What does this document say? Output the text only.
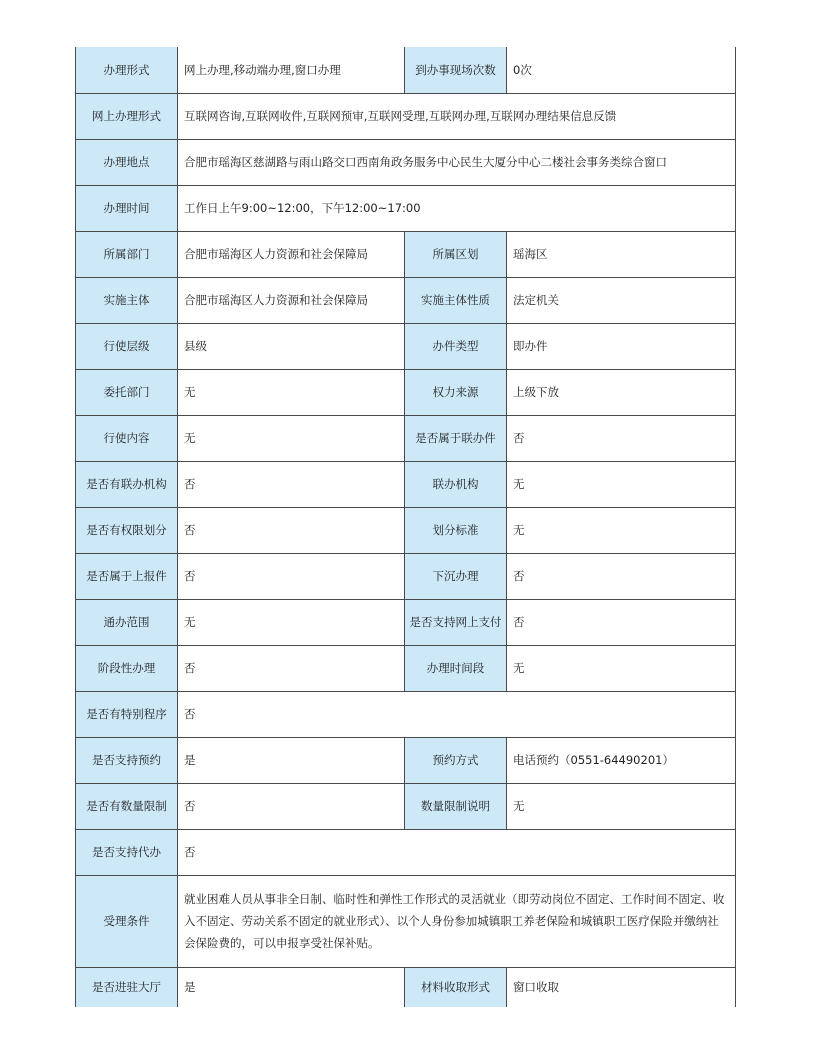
办理形式	网上办理,移动端办理,窗口办理	到办事现场次数	0次
网上办理形式	互联网咨询,互联网收件,互联网预审,互联网受理,互联网办理,互联网办理结果信息反馈		
办理地点	合肥市瑶海区慈湖路与雨山路交口西南角政务服务中心民生大厦分中心二楼社会事务类综合窗口		
办理时间	工作日上午9:00~12:00，下午12:00~17:00		
所属部门	合肥市瑶海区人力资源和社会保障局	所属区划	瑶海区
实施主体	合肥市瑶海区人力资源和社会保障局	实施主体性质	法定机关
行使层级	县级	办件类型	即办件
委托部门	无	权力来源	上级下放
行使内容	无	是否属于联办件	否
是否有联办机构	否	联办机构	无
是否有权限划分	否	划分标准	无
是否属于上报件	否	下沉办理	否
通办范围	无	是否支持网上支付	否
阶段性办理	否	办理时间段	无
是否有特别程序	否		
是否支持预约	是	预约方式	电话预约（0551-64490201）
是否有数量限制	否	数量限制说明	无
是否支持代办	否		
受理条件	就业困难人员从事非全日制、临时性和弹性工作形式的灵活就业（即劳动岗位不固定、工作时间不固定、收入不固定、劳动关系不固定的就业形式）、以个人身份参加城镇职工养老保险和城镇职工医疗保险并缴纳社会保险费的，可以申报享受社保补贴。		
是否进驻大厅	是	材料收取形式	窗口收取
